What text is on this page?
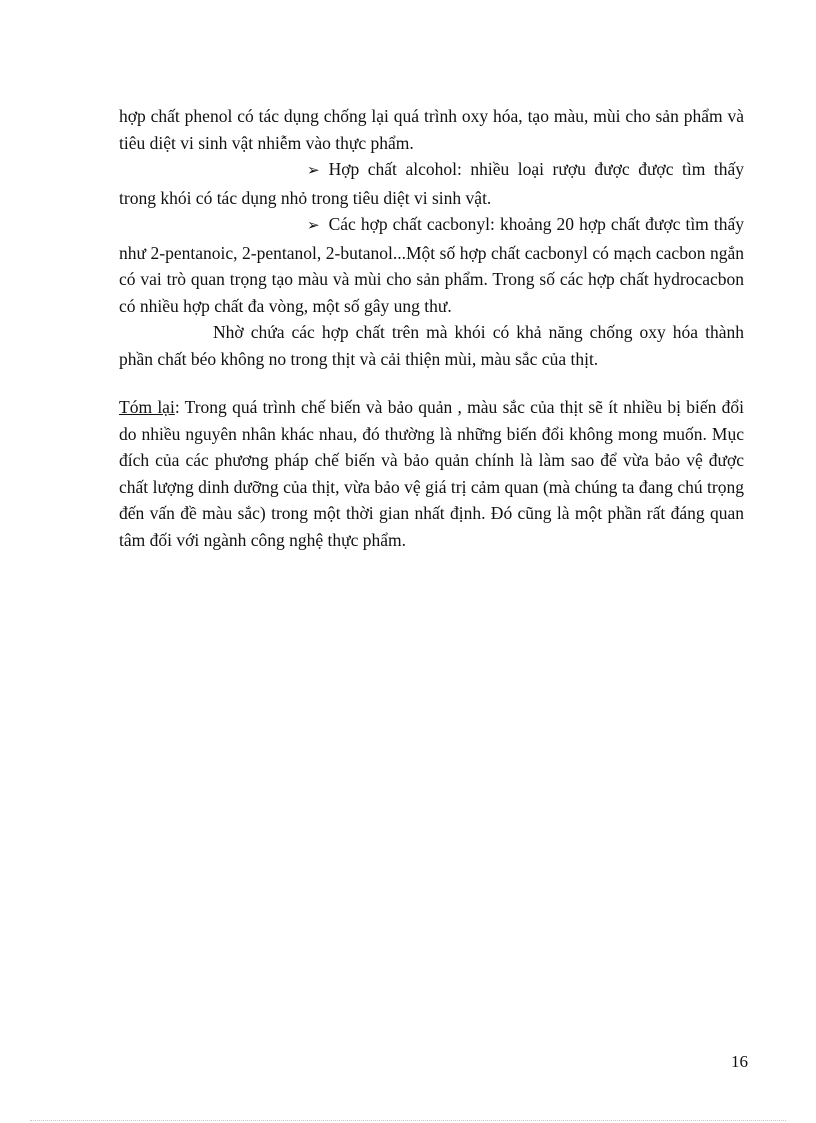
hợp chất phenol có tác dụng chống lại quá trình oxy hóa, tạo màu, mùi cho sản phẩm và tiêu diệt vi sinh vật nhiễm vào thực phẩm.

➢ Hợp chất alcohol: nhiều loại rượu được được tìm thấy trong khói có tác dụng nhỏ trong tiêu diệt vi sinh vật.

➢ Các hợp chất cacbonyl: khoảng 20 hợp chất được tìm thấy như 2-pentanoic, 2-pentanol, 2-butanol...Một số hợp chất cacbonyl có mạch cacbon ngắn có vai trò quan trọng tạo màu và mùi cho sản phẩm. Trong số các hợp chất hydrocacbon có nhiều hợp chất đa vòng, một số gây ung thư.

Nhờ chứa các hợp chất trên mà khói có khả năng chống oxy hóa thành phần chất béo không no trong thịt và cải thiện mùi, màu sắc của thịt.

Tóm lại: Trong quá trình chế biến và bảo quản , màu sắc của thịt sẽ ít nhiều bị biến đổi do nhiều nguyên nhân khác nhau, đó thường là những biến đổi không mong muốn. Mục đích của các phương pháp chế biến và bảo quản chính là làm sao để vừa bảo vệ được chất lượng dinh dưỡng của thịt, vừa bảo vệ giá trị cảm quan (mà chúng ta đang chú trọng đến vấn đề màu sắc) trong một thời gian nhất định. Đó cũng là một phần rất đáng quan tâm đối với ngành công nghệ thực phẩm.

16
